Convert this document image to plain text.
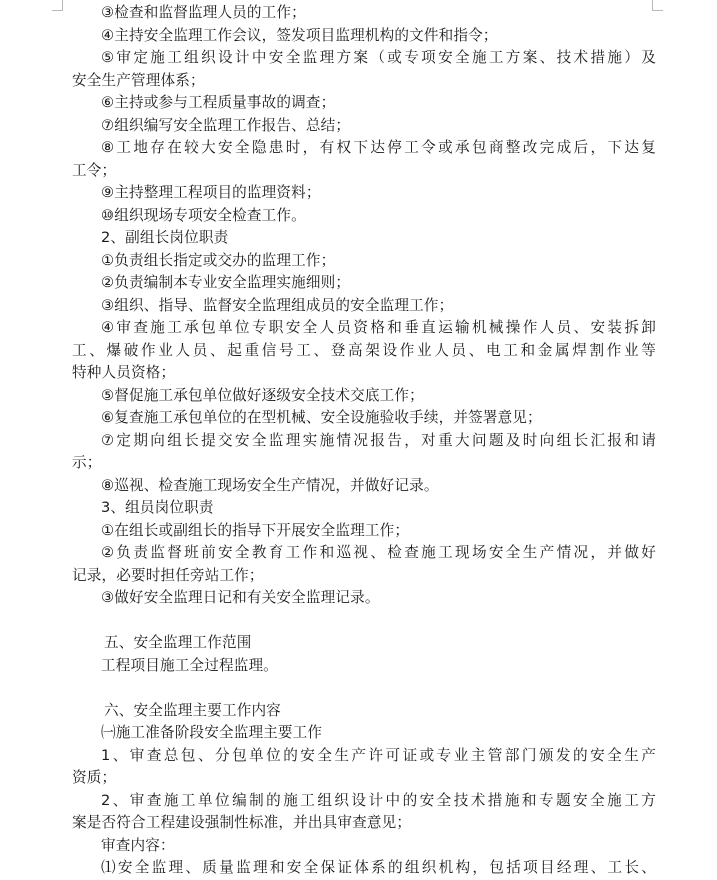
③检查和监督监理人员的工作；

④主持安全监理工作会议，签发项目监理机构的文件和指令；

⑤审定施工组织设计中安全监理方案（或专项安全施工方案、技术措施）及

安全生产管理体系；

⑥主持或参与工程质量事故的调查；

⑦组织编写安全监理工作报告、总结；

⑧工地存在较大安全隐患时，有权下达停工令或承包商整改完成后，下达复

工令；

⑨主持整理工程项目的监理资料；

⑩组织现场专项安全检查工作。

2、副组长岗位职责

①负责组长指定或交办的监理工作；

②负责编制本专业安全监理实施细则；

③组织、指导、监督安全监理组成员的安全监理工作；

④审查施工承包单位专职安全人员资格和垂直运输机械操作人员、安装拆卸

工、爆破作业人员、起重信号工、登高架设作业人员、电工和金属焊割作业等

特种人员资格；

⑤督促施工承包单位做好逐级安全技术交底工作；

⑥复查施工承包单位的在型机械、安全设施验收手续，并签署意见；

⑦定期向组长提交安全监理实施情况报告，对重大问题及时向组长汇报和请

示；

⑧巡视、检查施工现场安全生产情况，并做好记录。

3、组员岗位职责

①在组长或副组长的指导下开展安全监理工作；

②负责监督班前安全教育工作和巡视、检查施工现场安全生产情况，并做好

记录，必要时担任旁站工作；

③做好安全监理日记和有关安全监理记录。

五、安全监理工作范围

工程项目施工全过程监理。

六、安全监理主要工作内容

㈠施工准备阶段安全监理主要工作

1、审查总包、分包单位的安全生产许可证或专业主管部门颁发的安全生产

资质；

2、审查施工单位编制的施工组织设计中的安全技术措施和专题安全施工方

案是否符合工程建设强制性标准，并出具审查意见；

审查内容：

⑴安全监理、质量监理和安全保证体系的组织机构，包括项目经理、工长、
